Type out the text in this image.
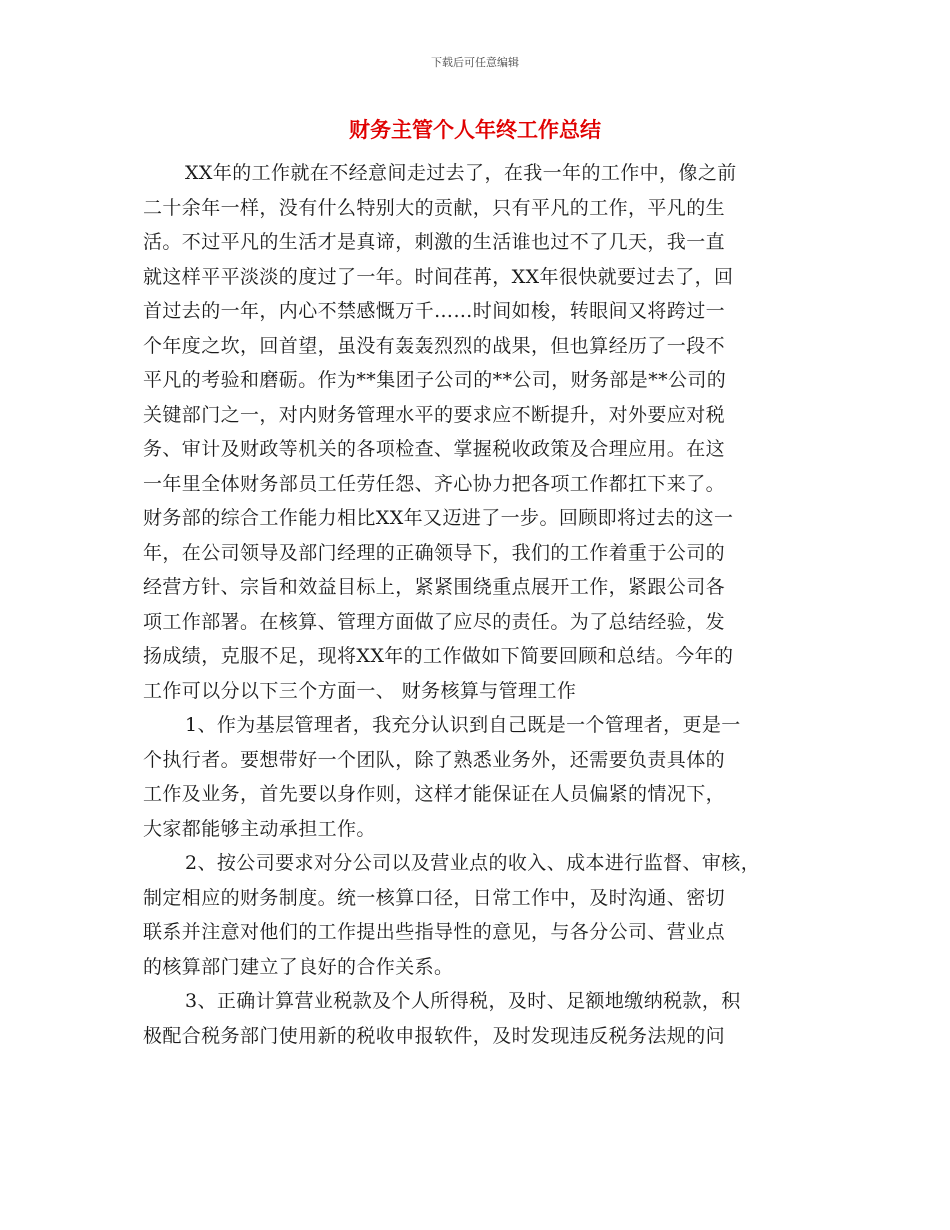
下载后可任意编辑
财务主管个人年终工作总结
XX年的工作就在不经意间走过去了，在我一年的工作中，像之前
二十余年一样，没有什么特别大的贡献，只有平凡的工作，平凡的生
活。不过平凡的生活才是真谛，刺激的生活谁也过不了几天，我一直
就这样平平淡淡的度过了一年。时间荏苒，XX年很快就要过去了，回
首过去的一年，内心不禁感慨万千……时间如梭，转眼间又将跨过一
个年度之坎，回首望，虽没有轰轰烈烈的战果，但也算经历了一段不
平凡的考验和磨砺。作为**集团子公司的**公司，财务部是**公司的
关键部门之一，对内财务管理水平的要求应不断提升，对外要应对税
务、审计及财政等机关的各项检查、掌握税收政策及合理应用。在这
一年里全体财务部员工任劳任怨、齐心协力把各项工作都扛下来了。
财务部的综合工作能力相比XX年又迈进了一步。回顾即将过去的这一
年，在公司领导及部门经理的正确领导下，我们的工作着重于公司的
经营方针、宗旨和效益目标上，紧紧围绕重点展开工作，紧跟公司各
项工作部署。在核算、管理方面做了应尽的责任。为了总结经验，发
扬成绩，克服不足，现将XX年的工作做如下简要回顾和总结。今年的
工作可以分以下三个方面一、 财务核算与管理工作
1、作为基层管理者，我充分认识到自己既是一个管理者，更是一
个执行者。要想带好一个团队，除了熟悉业务外，还需要负责具体的
工作及业务，首先要以身作则，这样才能保证在人员偏紧的情况下，
大家都能够主动承担工作。
2、按公司要求对分公司以及营业点的收入、成本进行监督、审核，
制定相应的财务制度。统一核算口径，日常工作中，及时沟通、密切
联系并注意对他们的工作提出些指导性的意见，与各分公司、营业点
的核算部门建立了良好的合作关系。
3、正确计算营业税款及个人所得税，及时、足额地缴纳税款，积
极配合税务部门使用新的税收申报软件，及时发现违反税务法规的问
